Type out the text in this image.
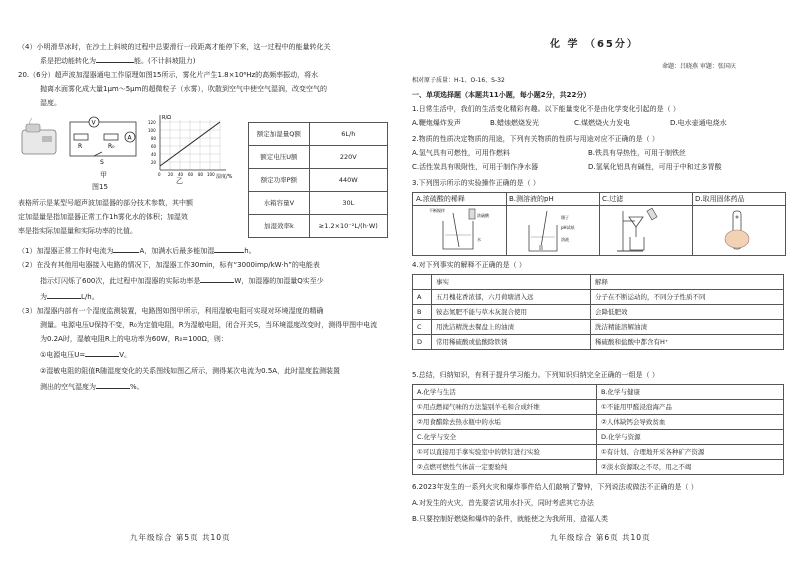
（4）小明滑旱冰时，在沙土上斜坡的过程中总要滑行一段距离才能停下来，这一过程中的能量转化关
系是把动能转化为	能。(不计斜坡阻力)
20.（6分）超声波加湿器通电工作原理如图15所示，雾化片产生1.8×10⁶Hz的高频率振动，将水
抛离水面雾化成大量1μm～5μm的超微粒子（水雾），吹散到空气中使空气湿润，改变空气的
湿度。
V
R	R₀
A
S
甲
R/Ω
湿度/%
120
100
80
60
40
20
0 20 40 60 80 100
乙
图15
额定加湿量Q额	6L/h
额定电压U额	220V
额定功率P额	440W
水箱容量V	30L
加湿效率k	≥1.2×10⁻²L/(h·W)
表格所示是某型号超声波加湿器的部分技术参数，其中额
定加湿量是指加湿器正常工作1h雾化水的体积；加湿效
率是指实际加湿量和实际功率的比值。
（1）加湿器正常工作时电流为	A，加满水后最多能加湿	h。
（2）在没有其他用电器接入电路的情况下，加湿器工作30min，标有“3000imp/kW·h”的电能表
指示灯闪烁了600次，此过程中加湿器的实际功率是	W，加湿器的加湿量Q实至少
为	L/h。
（3）加湿器内部有一个湿度监测装置，电路图如图甲所示，利用湿敏电阻可实现对环境湿度的精确
测量。电源电压U保持不变，R₀为定值电阻，R为湿敏电阻，闭合开关S，当环境湿度改变时，测得甲图中电流
为0.2A时，湿敏电阻R上的电功率为60W，R₀=100Ω，则：
①电源电压U=	V。
②湿敏电阻的阻值R随湿度变化的关系图线如图乙所示，测得某次电流为0.5A，此时湿度监测装置
测出的空气湿度为	%。
九年级综合 第5页 共10页
化 学 （65分）
命题：吕晓燕 审题：张国庆
相对原子质量：H-1、O-16、S-32
一、单项选择题（本题共11小题，每小题2分，共22分）
1.日常生活中，我们的生活变化精彩有趣。以下能量变化不是由化学变化引起的是（ ）
A.鞭炮爆炸发声	B.蜡烛燃烧发光	C.煤燃烧火力发电	D.电水壶通电烧水
2.物质的性质决定物质的用途，下列有关物质的性质与用途对应不正确的是（ ）
A.氢气具有可燃性，可用作燃料	B.铁具有导热性，可用于制铁丝
C.活性炭具有吸附性，可用于制作净水器	D.氢氧化铝具有碱性，可用于中和过多胃酸
3.下列图示所示的实验操作正确的是（ ）
A.浓硫酸的稀释	B.测溶液的pH	C.过滤	D.取用固体药品
不断搅拌
浓硫酸
水
镊子
pH试纸
溶液
4.对下列事实的解释不正确的是（ ）
	事实	解释
A	五月槐花香浓郁，六月荷塘清入远	分子在不断运动的，不同分子性质不同
B	铵态氮肥不能与草木灰混合使用	会降低肥效
C	用洗洁精洗去餐盘上的油渍	洗洁精能溶解油渍
D	常用稀硫酸或盐酸除铁锈	稀硫酸和盐酸中都含有H⁺
5.总结，归纳知识，有利于提升学习能力。下列知识归纳完全正确的一组是（ ）
A.化学与生活	B.化学与健康
①用点燃闻气味的方法鉴别羊毛和合成纤维	①不能用甲醛浸泡海产品
②用食醋除去热水瓶中的水垢	②人体缺钙会导致贫血
C.化学与安全	D.化学与资源
①可以直接用手拿实验室中的铁钉进行实验	①有计划、合理地开采各种矿产资源
②点燃可燃性气体前一定要验纯	②淡水资源取之不尽，用之不竭
6.2023年发生的一系列火灾和爆炸事件给人们敲响了警钟，下列说法或做法不正确的是（ ）
A.对发生的火灾，首先要尝试用水扑灭，同时考虑其它办法
B.只要控制好燃烧和爆炸的条件，就能使之为我所用，造福人类
九年级综合 第6页 共10页
